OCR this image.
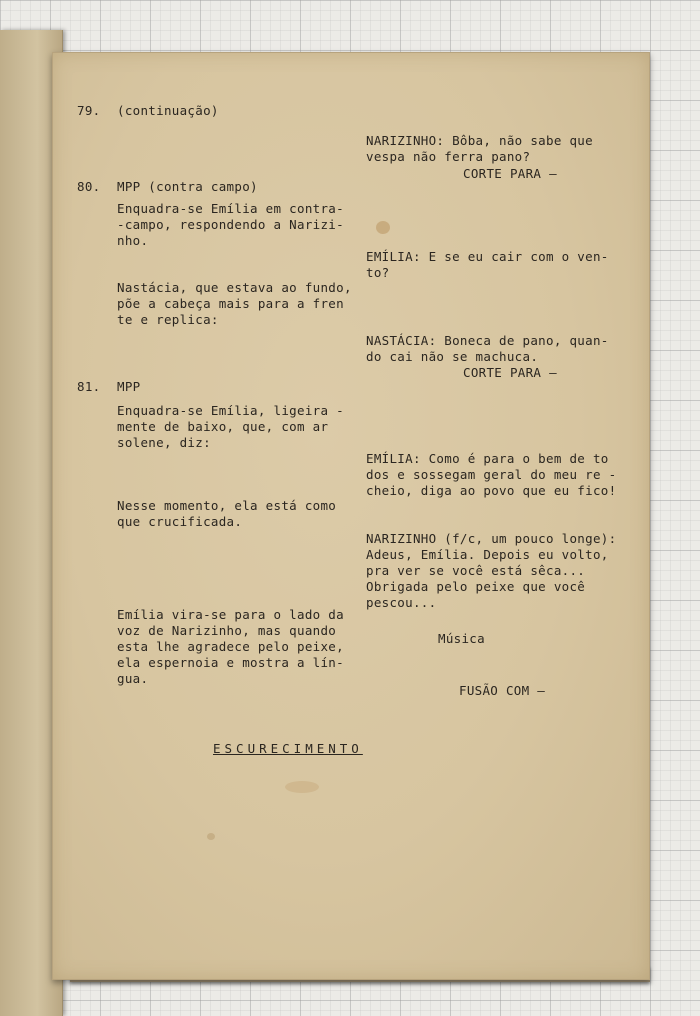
79. (continuação)

NARIZINHO: Bôba, não sabe que
vespa não ferra pano?

CORTE PARA —

80. MPP (contra campo)

Enquadra-se Emília em contra-
-campo, respondendo a Narizi-
nho.

Nastácia, que estava ao fundo,
põe a cabeça mais para a fren
te e replica:

EMÍLIA: E se eu cair com o ven-
to?

NASTÁCIA: Boneca de pano, quan-
do cai não se machuca.

CORTE PARA —

81. MPP

Enquadra-se Emília, ligeira -
mente de baixo, que, com ar
solene, diz:

Nesse momento, ela está como
que crucificada.

Emília vira-se para o lado da
voz de Narizinho, mas quando
esta lhe agradece pelo peixe,
ela espernoia e mostra a lín-
gua.

EMÍLIA: Como é para o bem de to
dos e sossegam geral do meu re -
cheio, diga ao povo que eu fico!

NARIZINHO (f/c, um pouco longe):
Adeus, Emília. Depois eu volto,
pra ver se você está sêca...
Obrigada pelo peixe que você
pescou...

Música

FUSÃO COM —

ESCURECIMENTO
